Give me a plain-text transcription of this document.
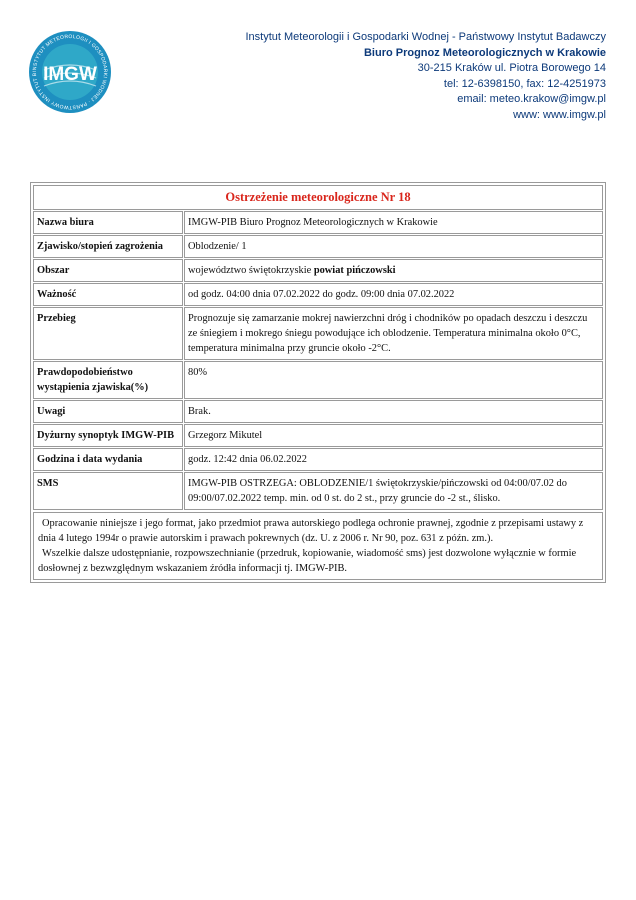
INSTYTUT METEOROLOGII I GOSPODARKI WODNEJ · PAŃSTWOWY INSTYTUT B IMGW
Instytut Meteorologii i Gospodarki Wodnej - Państwowy Instytut Badawczy
Biuro Prognoz Meteorologicznych w Krakowie
30-215 Kraków ul. Piotra Borowego 14
tel: 12-6398150, fax: 12-4251973
email: meteo.krakow@imgw.pl
www: www.imgw.pl
Ostrzeżenie meteorologiczne Nr 18	
Nazwa biura	IMGW-PIB Biuro Prognoz Meteorologicznych w Krakowie
Zjawisko/stopień zagrożenia	Oblodzenie/ 1
Obszar	województwo świętokrzyskie powiat pińczowski
Ważność	od godz. 04:00 dnia 07.02.2022 do godz. 09:00 dnia 07.02.2022
Przebieg	Prognozuje się zamarzanie mokrej nawierzchni dróg i chodników po opadach deszczu i deszczu ze śniegiem i mokrego śniegu powodujące ich oblodzenie. Temperatura minimalna około 0°C, temperatura minimalna przy gruncie około -2°C.
Prawdopodobieństwo wystąpienia zjawiska(%)	80%
Uwagi	Brak.
Dyżurny synoptyk IMGW-PIB	Grzegorz Mikutel
Godzina i data wydania	godz. 12:42 dnia 06.02.2022
SMS	IMGW-PIB OSTRZEGA: OBLODZENIE/1 świętokrzyskie/pińczowski od 04:00/07.02 do 09:00/07.02.2022 temp. min. od 0 st. do 2 st., przy gruncie do -2 st., ślisko.

Opracowanie niniejsze i jego format, jako przedmiot prawa autorskiego podlega ochronie prawnej, zgodnie z przepisami ustawy z dnia 4 lutego 1994r o prawie autorskim i prawach pokrewnych (dz. U. z 2006 r. Nr 90, poz. 631 z późn. zm.).

Wszelkie dalsze udostępnianie, rozpowszechnianie (przedruk, kopiowanie, wiadomość sms) jest dozwolone wyłącznie w formie dosłownej z bezwzględnym wskazaniem źródła informacji tj. IMGW-PIB.
